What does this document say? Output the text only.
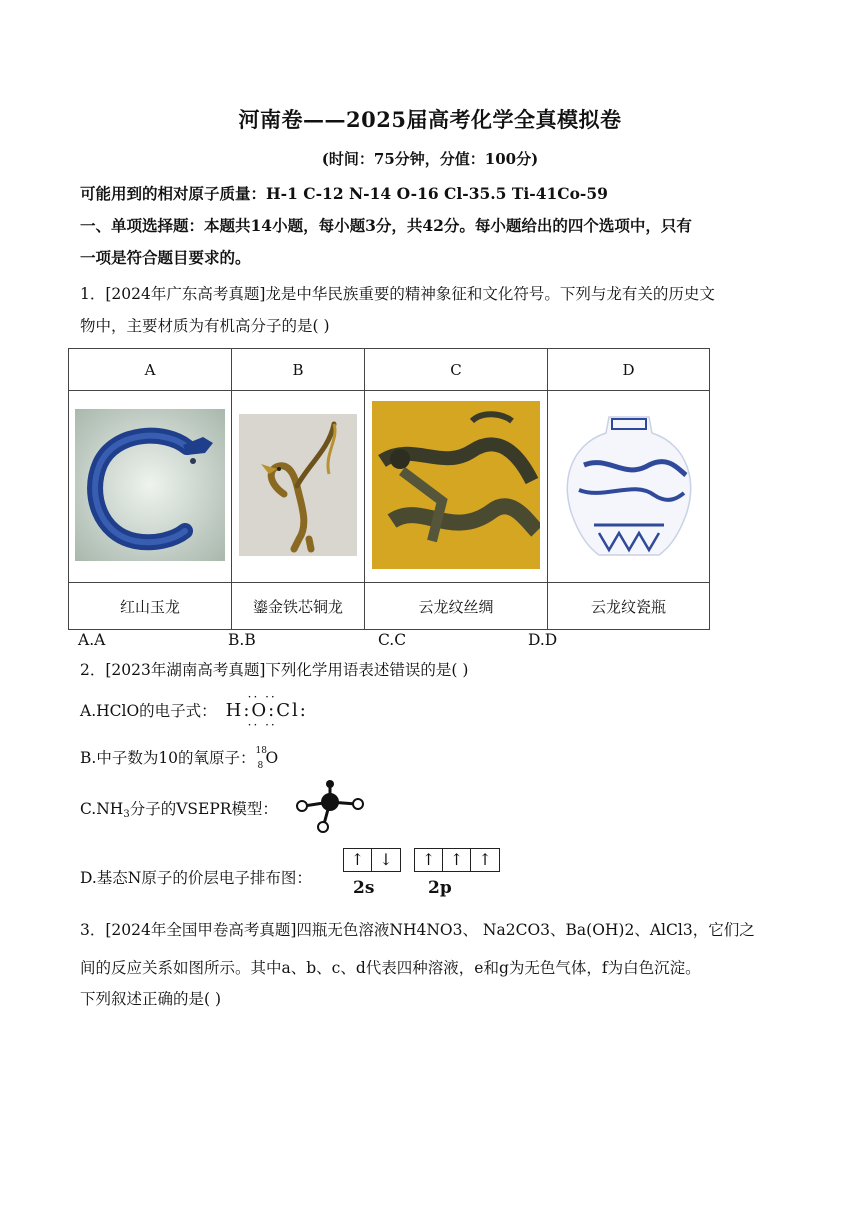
河南卷——2025届高考化学全真模拟卷
(时间：75分钟，分值：100分)
可能用到的相对原子质量：H-1 C-12 N-14 O-16 Cl-35.5 Ti-41Co-59
一、单项选择题：本题共14小题，每小题3分，共42分。每小题给出的四个选项中，只有
一项是符合题目要求的。
1．[2024年广东高考真题]龙是中华民族重要的精神象征和文化符号。下列与龙有关的历史文
物中，主要材质为有机高分子的是( )
A	B	C	D

红山玉龙	鎏金铁芯铜龙	云龙纹丝绸	云龙纹瓷瓶
A.A	B.B	C.C	D.D
2．[2023年湖南高考真题]下列化学用语表述错误的是( )
A.HClO的电子式： H:O:Cl:
·· ··
·· ··
B.中子数为10的氧原子： 18
8 O
$C.NH_3$分子的VSEPR模型：
D.基态N原子的价层电子排布图：
↑ ↓ ↑ ↑ ↑
2s	2p
3．[2024年全国甲卷高考真题]四瓶无色溶液NH4NO3、 Na2CO3、Ba(OH)2、AlCl3，它们之
间的反应关系如图所示。其中a、b、c、d代表四种溶液，e和g为无色气体，f为白色沉淀。
下列叙述正确的是( )
